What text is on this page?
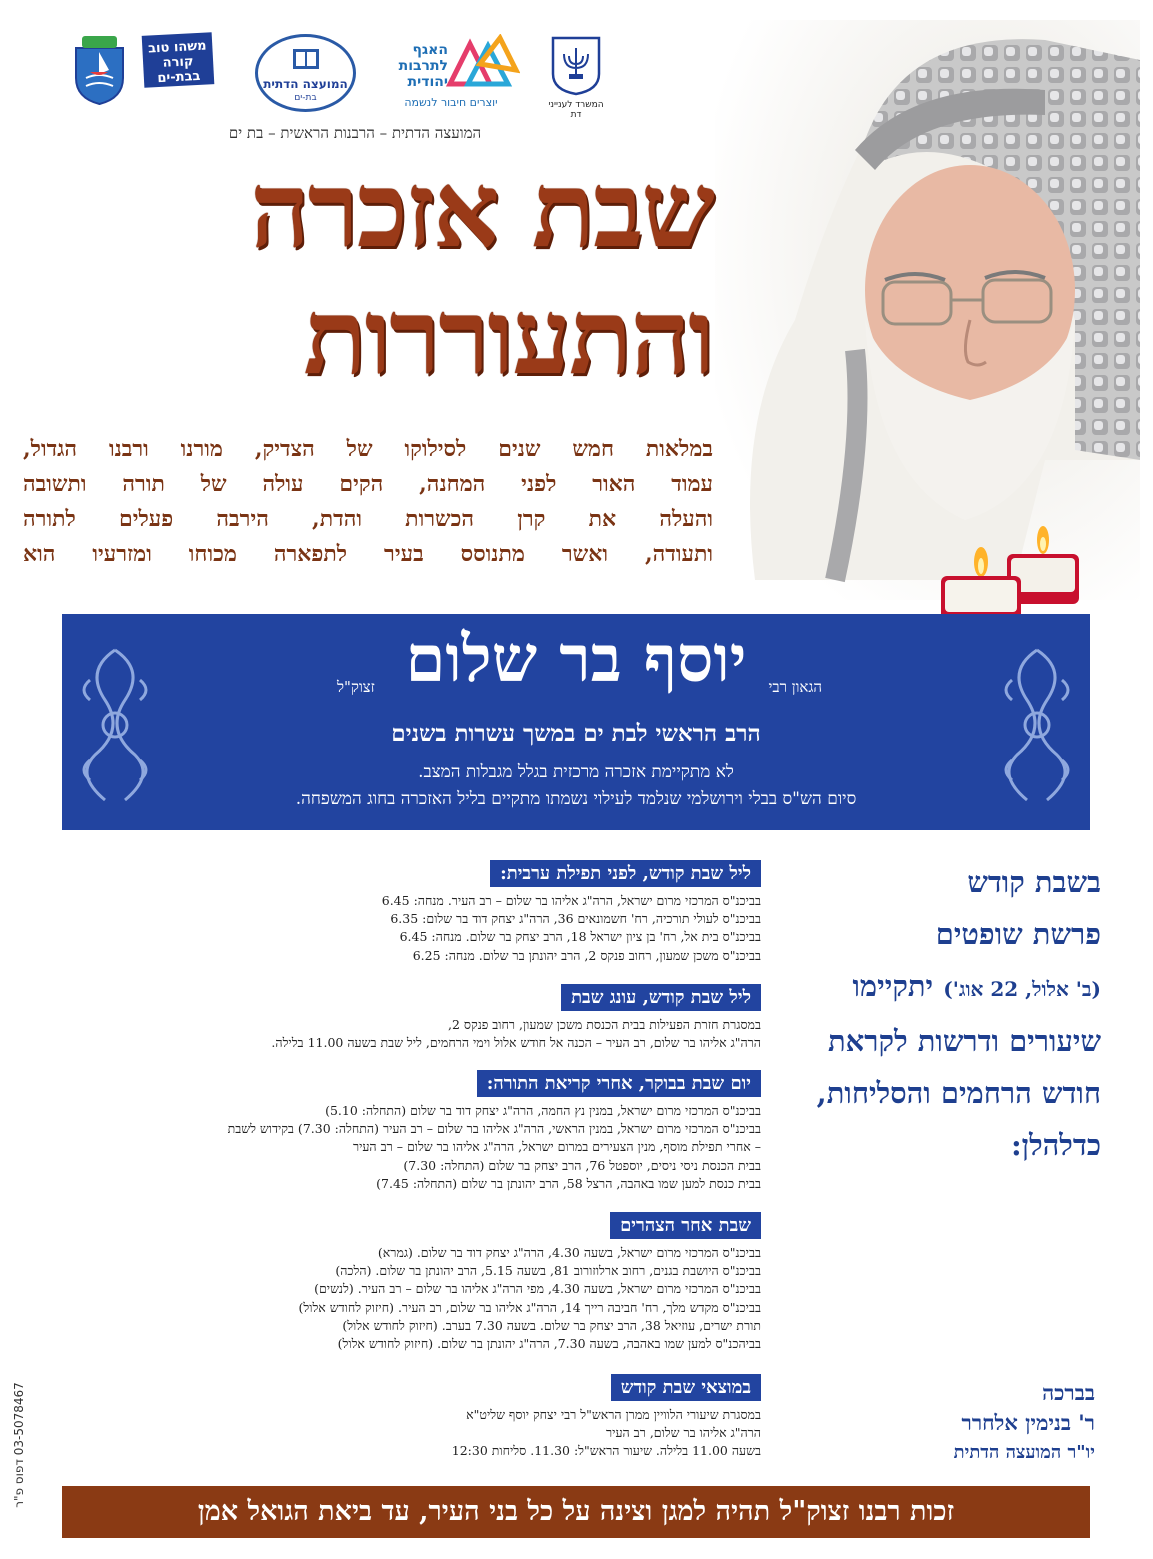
המשרד לענייני דת
האגף לתרבות יהודית
יוצרים חיבור לנשמה
המועצה הדתית
בת-ים
משהו טוב קורה בבת-ים
המועצה הדתית – הרבנות הראשית – בת ים
שבת אזכרה
והתעוררות
במלאות חמש שנים לסילוקו של הצדיק, מורנו ורבנו הגדול,
עמוד האור לפני המחנה, הקים עולה של תורה ותשובה
והעלה את קרן הכשרות והדת, הירבה פעלים לתורה
ותעודה, ואשר מתנוסס בעיר לתפארה מכוחו ומזרעיו הוא
הגאון רבי
יוסף בר שלום
זצוק"ל
הרב הראשי לבת ים במשך עשרות בשנים
לא מתקיימת אזכרה מרכזית בגלל מגבלות המצב.
סיום הש"ס בבלי וירושלמי שנלמד לעילוי נשמתו מתקיים בליל האזכרה בחוג המשפחה.
בשבת קודש
פרשת שופטים
(ב' אלול, 22 אוג') יתקיימו
שיעורים ודרשות לקראת
חודש הרחמים והסליחות,
כדלהלן:
ליל שבת קודש, לפני תפילת ערבית:
בביכנ"ס המרכזי מרום ישראל, הרה"ג אליהו בר שלום – רב העיר. מנחה: 6.45
בביכנ"ס לעולי תורכיה, רח' חשמונאים 36, הרה"ג יצחק דוד בר שלום: 6.35
בביכנ"ס בית אל, רח' בן ציון ישראל 18, הרב יצחק בר שלום. מנחה: 6.45
בביכנ"ס משכן שמעון, רחוב פנקס 2, הרב יהונתן בר שלום. מנחה: 6.25
ליל שבת קודש, עונג שבת
במסגרת חזרת הפעילות בבית הכנסת משכן שמעון, רחוב פנקס 2,
הרה"ג אליהו בר שלום, רב העיר – הכנה אל חודש אלול וימי הרחמים, ליל שבת בשעה 11.00 בלילה.
יום שבת בבוקר, אחרי קריאת התורה:
בביכנ"ס המרכזי מרום ישראל, במנין נץ החמה, הרה"ג יצחק דוד בר שלום (התחלה: 5.10)
בביכנ"ס המרכזי מרום ישראל, במנין הראשי, הרה"ג אליהו בר שלום – רב העיר (התחלה: 7.30) בקידוש לשבת
– אחרי תפילת מוסף, מנין הצעירים במרום ישראל, הרה"ג אליהו בר שלום – רב העיר
בבית הכנסת ניסי ניסים, יוספטל 76, הרב יצחק בר שלום (התחלה: 7.30)
בבית כנסת למען שמו באהבה, הרצל 58, הרב יהונתן בר שלום (התחלה: 7.45)
שבת אחר הצהרים
בביכנ"ס המרכזי מרום ישראל, בשעה 4.30, הרה"ג יצחק דוד בר שלום. (גמרא)
בביכנ"ס היושבת בגנים, רחוב ארלוזורוב 81, בשעה 5.15, הרב יהונתן בר שלום. (הלכה)
בביכנ"ס המרכזי מרום ישראל, בשעה 4.30, מפי הרה"ג אליהו בר שלום – רב העיר. (לנשים)
בביכנ"ס מקדש מלך, רח' חביבה רייך 14, הרה"ג אליהו בר שלום, רב העיר. (חיזוק לחודש אלול)
תורת ישרים, עוזיאל 38, הרב יצחק בר שלום. בשעה 7.30 בערב. (חיזוק לחודש אלול)
בביהכנ"ס למען שמו באהבה, בשעה 7.30, הרה"ג יהונתן בר שלום. (חיזוק לחודש אלול)
במוצאי שבת קודש
במסגרת שיעורי הלוויין ממרן הראש"ל רבי יצחק יוסף שליט"א
הרה"ג אליהו בר שלום, רב העיר
בשעה 11.00 בלילה. שיעור הראש"ל: 11.30. סליחות 12:30
בברכה
ר' בנימין אלחרר
יו"ר המועצה הדתית
03-5078467 דפוס פ"ר
זכות רבנו זצוק"ל תהיה למגן וצינה על כל בני העיר, עד ביאת הגואל אמן
